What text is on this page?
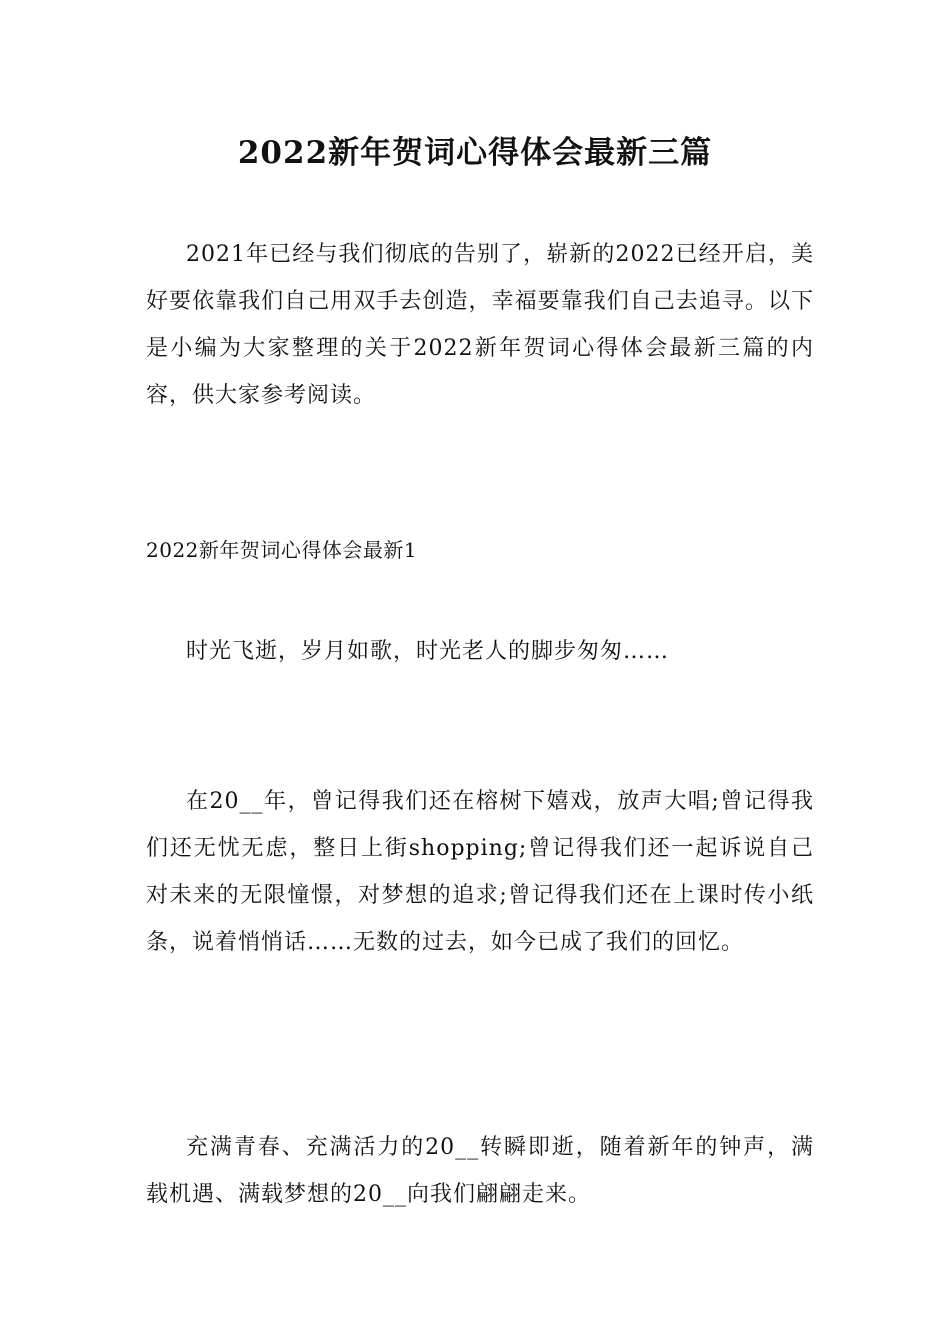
2022新年贺词心得体会最新三篇

2021年已经与我们彻底的告别了，崭新的2022已经开启，美好要依靠我们自己用双手去创造，幸福要靠我们自己去追寻。以下是小编为大家整理的关于2022新年贺词心得体会最新三篇的内容，供大家参考阅读。

2022新年贺词心得体会最新1

时光飞逝，岁月如歌，时光老人的脚步匆匆……

在20__年，曾记得我们还在榕树下嬉戏，放声大唱;曾记得我们还无忧无虑，整日上街shopping;曾记得我们还一起诉说自己对未来的无限憧憬，对梦想的追求;曾记得我们还在上课时传小纸条，说着悄悄话……无数的过去，如今已成了我们的回忆。

充满青春、充满活力的20__转瞬即逝，随着新年的钟声，满载机遇、满载梦想的20__向我们翩翩走来。
